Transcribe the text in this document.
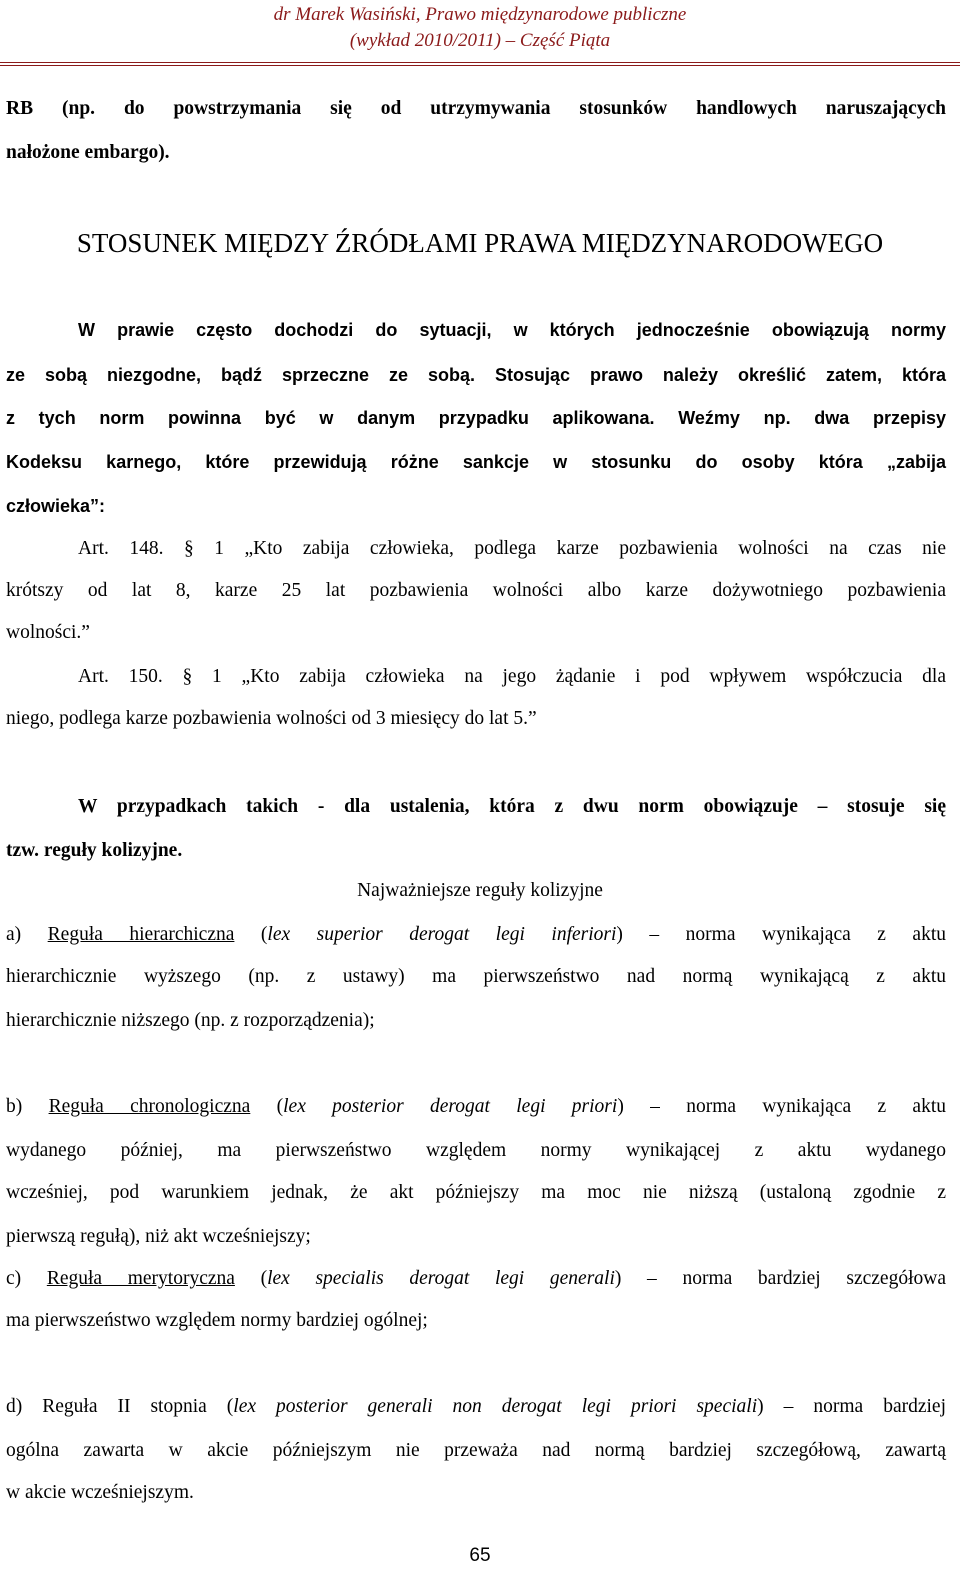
dr Marek Wasiński, Prawo międzynarodowe publiczne
(wykład 2010/2011) – Część Piąta
RB (np. do powstrzymania się od utrzymywania stosunków handlowych naruszających
nałożone embargo).
STOSUNEK MIĘDZY ŹRÓDŁAMI PRAWA MIĘDZYNARODOWEGO
W prawie często dochodzi do sytuacji, w których jednocześnie obowiązują normy
ze sobą niezgodne, bądź sprzeczne ze sobą. Stosując prawo należy określić zatem, która
z tych norm powinna być w danym przypadku aplikowana. Weźmy np. dwa przepisy
Kodeksu karnego, które przewidują różne sankcje w stosunku do osoby która „zabija
człowieka”:
Art. 148. § 1 „Kto zabija człowieka, podlega karze pozbawienia wolności na czas nie
krótszy od lat 8, karze 25 lat pozbawienia wolności albo karze dożywotniego pozbawienia
wolności.”
Art. 150. § 1 „Kto zabija człowieka na jego żądanie i pod wpływem współczucia dla
niego, podlega karze pozbawienia wolności od 3 miesięcy do lat 5.”
W przypadkach takich - dla ustalenia, która z dwu norm obowiązuje – stosuje się
tzw. reguły kolizyjne.
Najważniejsze reguły kolizyjne
a) Reguła hierarchiczna (lex superior derogat legi inferiori) – norma wynikająca z aktu
hierarchicznie wyższego (np. z ustawy) ma pierwszeństwo nad normą wynikającą z aktu
hierarchicznie niższego (np. z rozporządzenia);
b) Reguła chronologiczna (lex posterior derogat legi priori) – norma wynikająca z aktu
wydanego później, ma pierwszeństwo względem normy wynikającej z aktu wydanego
wcześniej, pod warunkiem jednak, że akt późniejszy ma moc nie niższą (ustaloną zgodnie z
pierwszą regułą), niż akt wcześniejszy;
c) Reguła merytoryczna (lex specialis derogat legi generali) – norma bardziej szczegółowa
ma pierwszeństwo względem normy bardziej ogólnej;
d) Reguła II stopnia (lex posterior generali non derogat legi priori speciali) – norma bardziej
ogólna zawarta w akcie późniejszym nie przeważa nad normą bardziej szczegółową, zawartą
w akcie wcześniejszym.
65
